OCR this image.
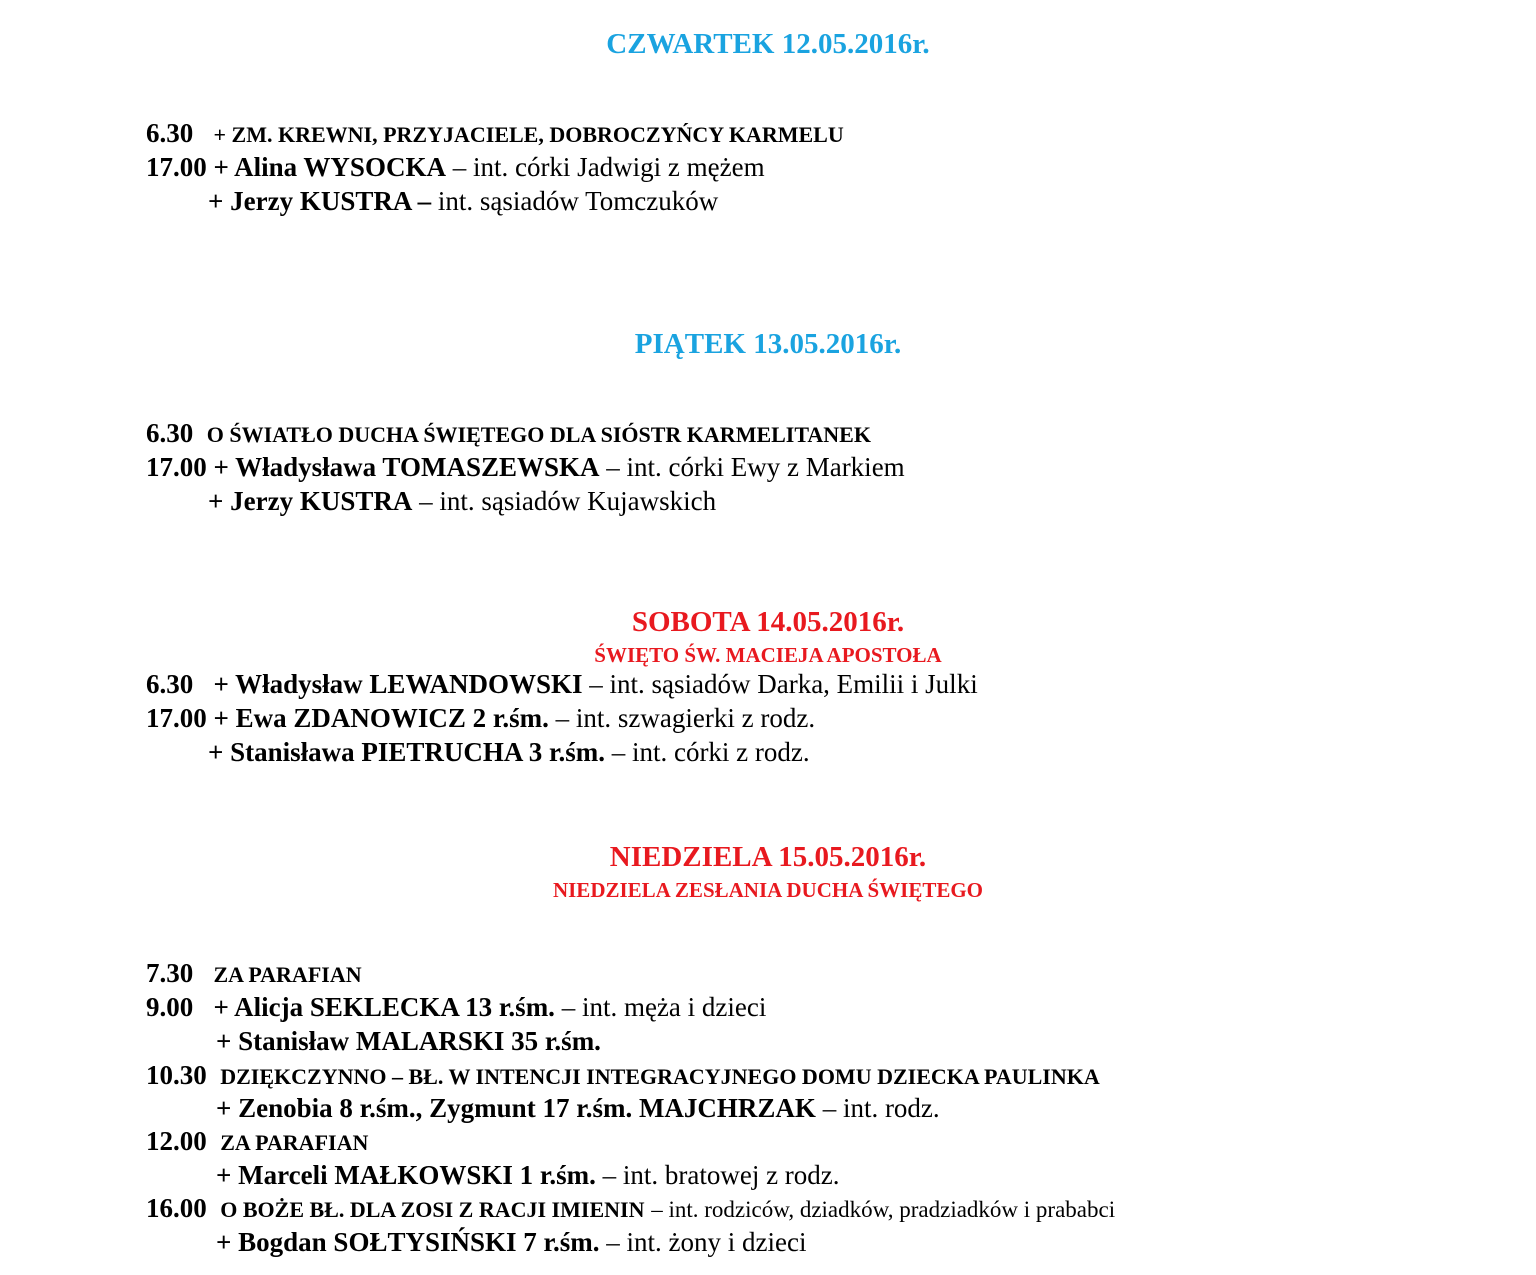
CZWARTEK 12.05.2016r.
6.30 + ZM. KREWNI, PRZYJACIELE, DOBROCZYŃCY KARMELU
17.00 + Alina WYSOCKA – int. córki Jadwigi z mężem
+ Jerzy KUSTRA – int. sąsiadów Tomczuków
PIĄTEK 13.05.2016r.
6.30 O ŚWIATŁO DUCHA ŚWIĘTEGO DLA SIÓSTR KARMELITANEK
17.00 + Władysława TOMASZEWSKA – int. córki Ewy z Markiem
+ Jerzy KUSTRA – int. sąsiadów Kujawskich
SOBOTA 14.05.2016r.
ŚWIĘTO ŚW. MACIEJA APOSTOŁA
6.30 + Władysław LEWANDOWSKI – int. sąsiadów Darka, Emilii i Julki
17.00 + Ewa ZDANOWICZ 2 r.śm. – int. szwagierki z rodz.
+ Stanisława PIETRUCHA 3 r.śm. – int. córki z rodz.
NIEDZIELA 15.05.2016r.
NIEDZIELA ZESŁANIA DUCHA ŚWIĘTEGO
7.30 ZA PARAFIAN
9.00 + Alicja SEKLECKA 13 r.śm. – int. męża i dzieci
+ Stanisław MALARSKI 35 r.śm.
10.30 DZIĘKCZYNNO – BŁ. W INTENCJI INTEGRACYJNEGO DOMU DZIECKA PAULINKA
+ Zenobia 8 r.śm., Zygmunt 17 r.śm. MAJCHRZAK – int. rodz.
12.00 ZA PARAFIAN
+ Marceli MAŁKOWSKI 1 r.śm. – int. bratowej z rodz.
16.00 O BOŻE BŁ. DLA ZOSI Z RACJI IMIENIN – int. rodziców, dziadków, pradziadków i prababci
+ Bogdan SOŁTYSIŃSKI 7 r.śm. – int. żony i dzieci
